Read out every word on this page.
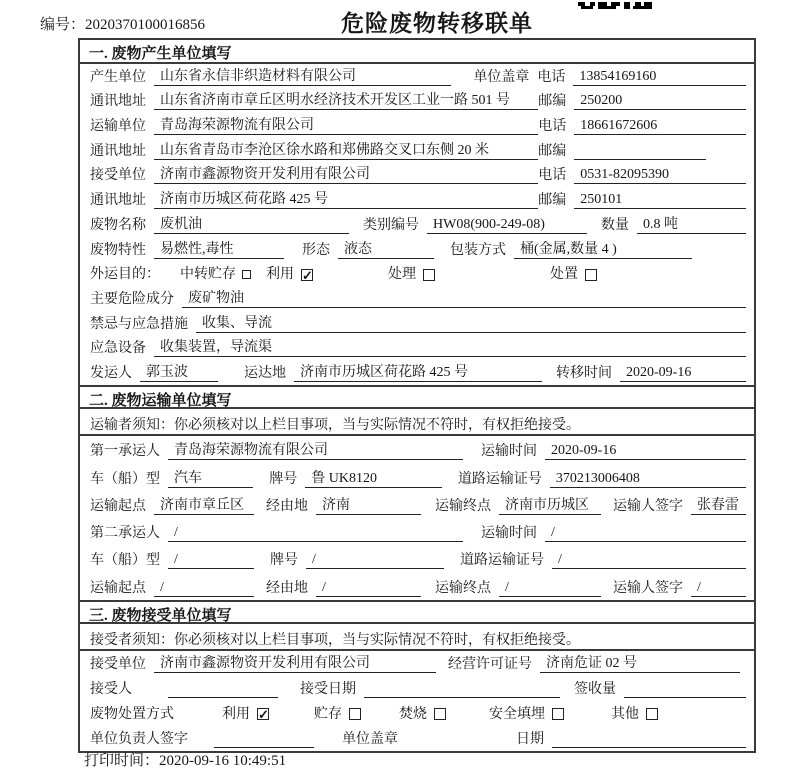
编号：2020370100016856	危险废物转移联单
一. 废物产生单位填写
产生单位	山东省永信非织造材料有限公司	单位盖章 电话	13854169160
通讯地址	山东省济南市章丘区明水经济技术开发区工业一路 501 号	邮编	250200
运输单位	青岛海荣源物流有限公司	电话	18661672606
通讯地址	山东省青岛市李沧区徐水路和郑佛路交叉口东侧 20 米	邮编
接受单位	济南市鑫源物资开发利用有限公司	电话	0531-82095390
通讯地址	济南市历城区荷花路 425 号	邮编	250101
废物名称	废机油	类别编号	HW08(900-249-08)	数量	0.8 吨
废物特性	易燃性,毒性	形态	液态	包装方式	桶(金属,数量 4 )
外运目的： 中转贮存 利用 ✓	处理	处置
主要危险成分	废矿物油
禁忌与应急措施	收集、导流
应急设备	收集装置，导流渠
发运人	郭玉波	运达地	济南市历城区荷花路 425 号	转移时间	2020-09-16
二. 废物运输单位填写
运输者须知：你必须核对以上栏目事项，当与实际情况不符时，有权拒绝接受。
第一承运人	青岛海荣源物流有限公司	运输时间	2020-09-16
车（船）型	汽车	牌号	鲁 UK8120	道路运输证号	370213006408
运输起点	济南市章丘区	经由地	济南	运输终点	济南市历城区	运输人签字	张春雷
第二承运人	/	运输时间	/
车（船）型	/	牌号	/	道路运输证号	/
运输起点	/	经由地	/	运输终点	/	运输人签字	/
三. 废物接受单位填写
接受者须知：你必须核对以上栏目事项，当与实际情况不符时，有权拒绝接受。
接受单位	济南市鑫源物资开发利用有限公司	经营许可证号	济南危证 02 号
接受人	接受日期	签收量
废物处置方式	利用 ✓	贮存	焚烧	安全填埋	其他
单位负责人签字	单位盖章	日期
打印时间：2020-09-16 10:49:51
